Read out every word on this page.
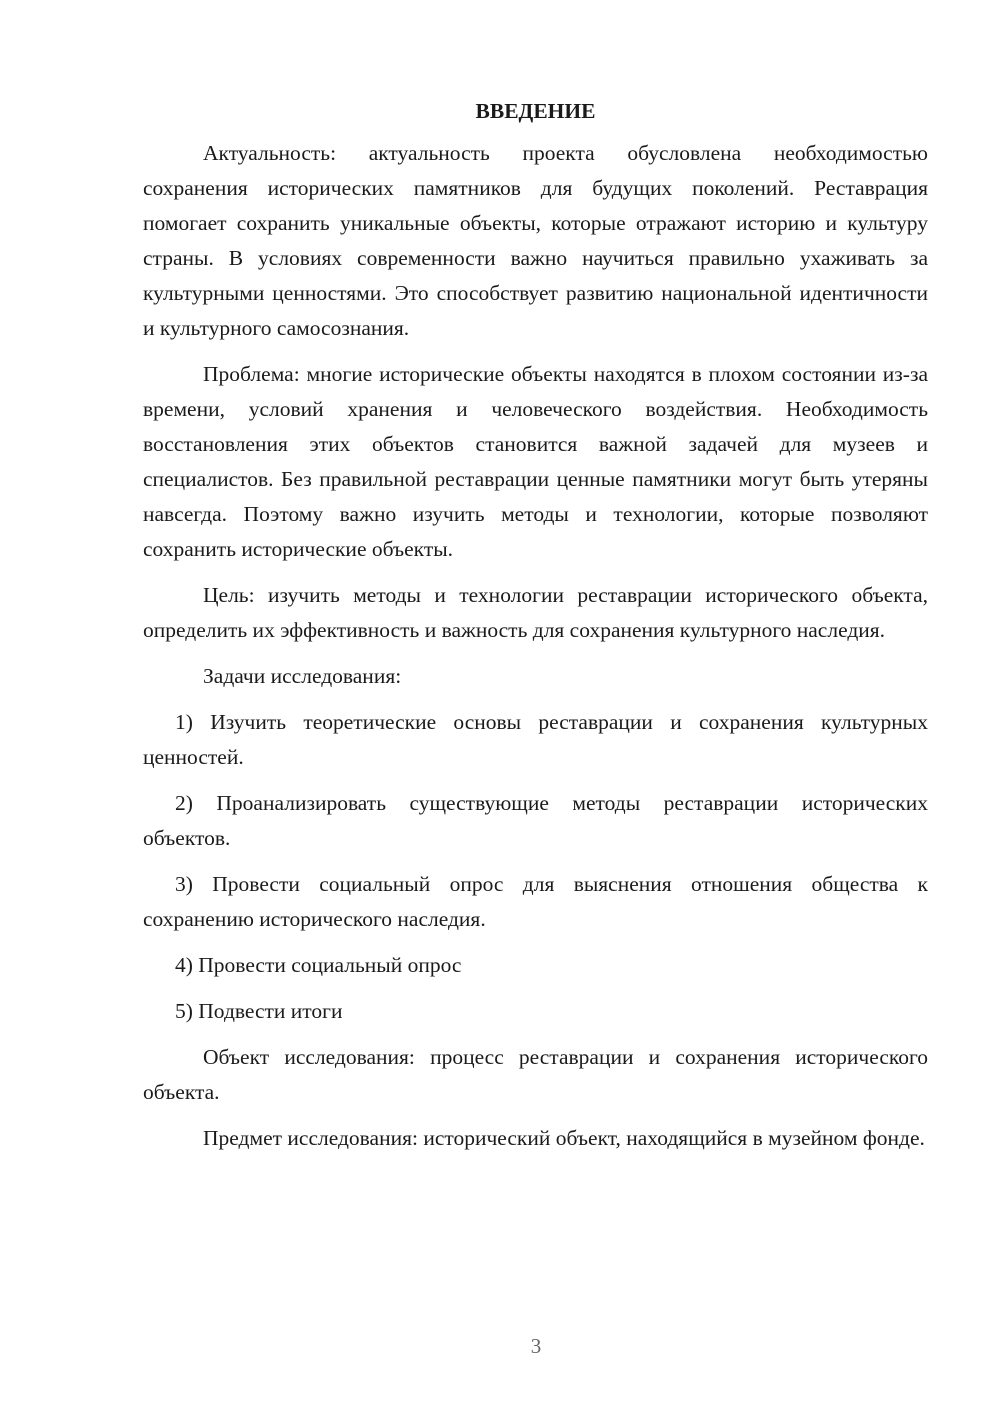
ВВЕДЕНИЕ

Актуальность: актуальность проекта обусловлена необходимостью сохранения исторических памятников для будущих поколений. Реставрация помогает сохранить уникальные объекты, которые отражают историю и культуру страны. В условиях современности важно научиться правильно ухаживать за культурными ценностями. Это способствует развитию национальной идентичности и культурного самосознания.

Проблема: многие исторические объекты находятся в плохом состоянии из-за времени, условий хранения и человеческого воздействия. Необходимость восстановления этих объектов становится важной задачей для музеев и специалистов. Без правильной реставрации ценные памятники могут быть утеряны навсегда. Поэтому важно изучить методы и технологии, которые позволяют сохранить исторические объекты.

Цель: изучить методы и технологии реставрации исторического объекта, определить их эффективность и важность для сохранения культурного наследия.

Задачи исследования:

1) Изучить теоретические основы реставрации и сохранения культурных ценностей.

2) Проанализировать существующие методы реставрации исторических объектов.

3) Провести социальный опрос для выяснения отношения общества к сохранению исторического наследия.

4) Провести социальный опрос

5) Подвести итоги

Объект исследования: процесс реставрации и сохранения исторического объекта.

Предмет исследования: исторический объект, находящийся в музейном фонде.

3
